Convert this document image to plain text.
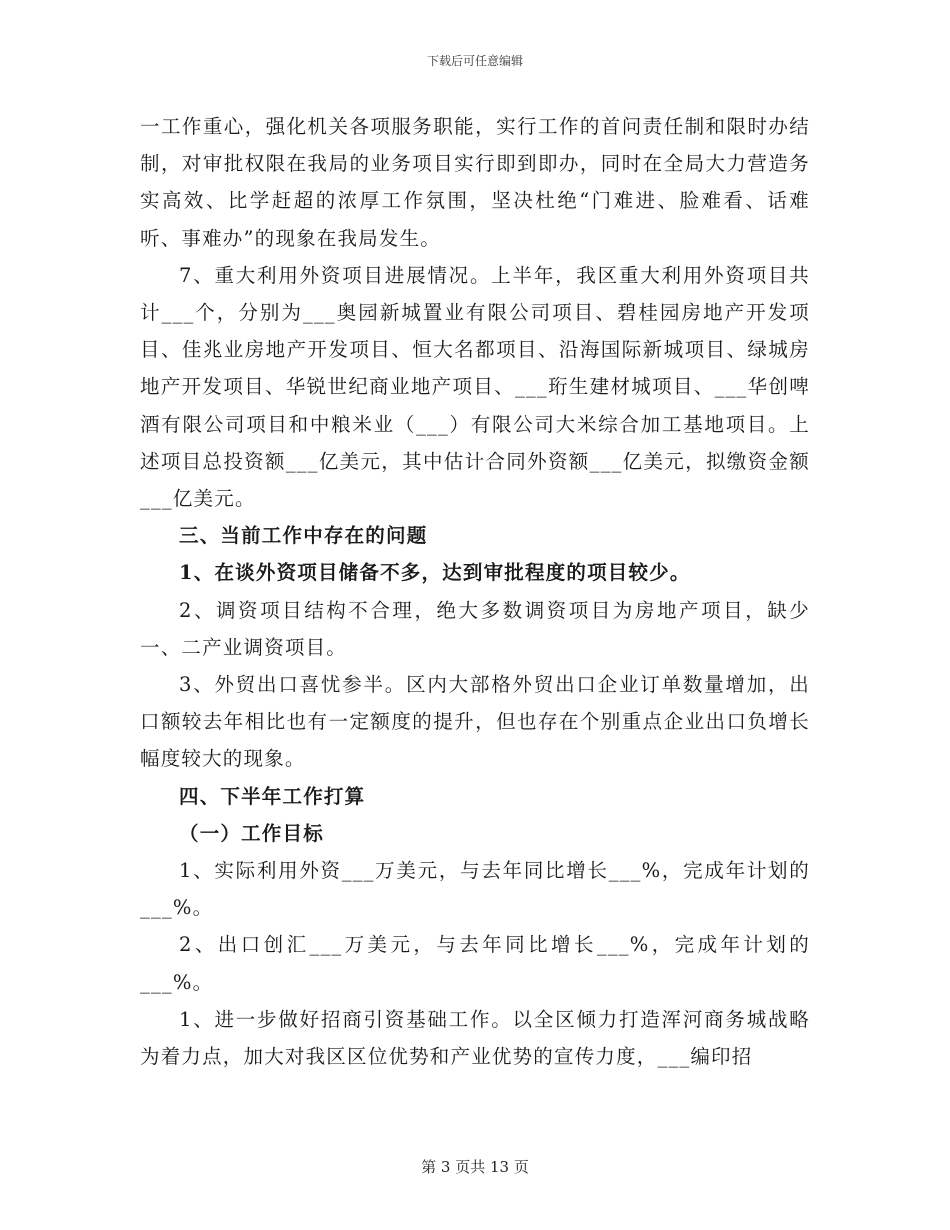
下载后可任意编辑

一工作重心，强化机关各项服务职能，实行工作的首问责任制和限时办结制，对审批权限在我局的业务项目实行即到即办，同时在全局大力营造务实高效、比学赶超的浓厚工作氛围，坚决杜绝“门难进、脸难看、话难听、事难办”的现象在我局发生。

7、重大利用外资项目进展情况。上半年，我区重大利用外资项目共计___个，分别为___奥园新城置业有限公司项目、碧桂园房地产开发项目、佳兆业房地产开发项目、恒大名都项目、沿海国际新城项目、绿城房地产开发项目、华锐世纪商业地产项目、___珩生建材城项目、___华创啤酒有限公司项目和中粮米业（___）有限公司大米综合加工基地项目。上述项目总投资额___亿美元，其中估计合同外资额___亿美元，拟缴资金额___亿美元。

三、当前工作中存在的问题

1、在谈外资项目储备不多，达到审批程度的项目较少。

2、调资项目结构不合理，绝大多数调资项目为房地产项目，缺少一、二产业调资项目。

3、外贸出口喜忧参半。区内大部格外贸出口企业订单数量增加，出口额较去年相比也有一定额度的提升，但也存在个别重点企业出口负增长幅度较大的现象。

四、下半年工作打算

（一）工作目标

1、实际利用外资___万美元，与去年同比增长___%，完成年计划的___%。

2、出口创汇___万美元，与去年同比增长___%，完成年计划的___%。

1、进一步做好招商引资基础工作。以全区倾力打造浑河商务城战略为着力点，加大对我区区位优势和产业优势的宣传力度，___编印招

第 3 页共 13 页
